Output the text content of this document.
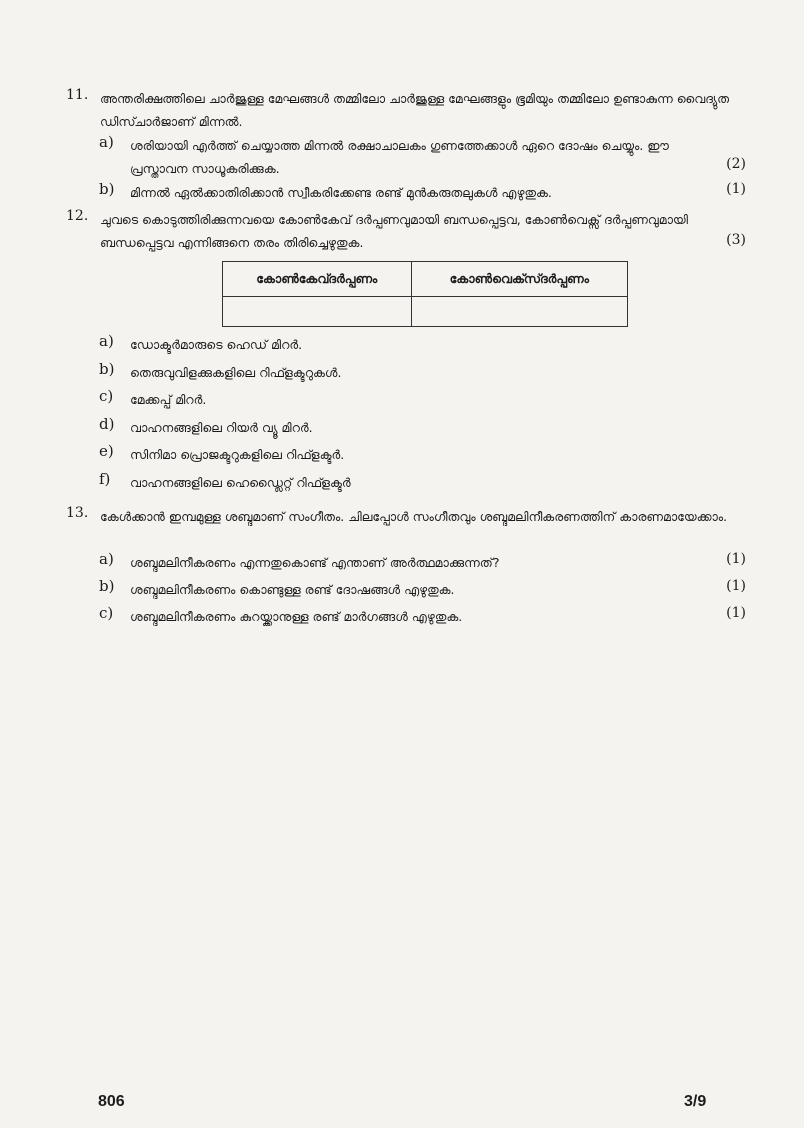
11. അന്തരിക്ഷത്തിലെ ചാർജുള്ള മേഘങ്ങൾ തമ്മിലോ ചാർജുള്ള മേഘങ്ങളും ഭൂമിയും തമ്മിലോ ഉണ്ടാകുന്ന വൈദ്യുത ഡിസ്ചാർജാണ് മിന്നൽ.
a) ശരിയായി എർത്ത് ചെയ്യാത്ത മിന്നൽ രക്ഷാചാലകം ഗുണത്തേക്കാൾ ഏറെ ദോഷം ചെയ്യും. ഈ പ്രസ്താവന സാധൂകരിക്കുക.	(2)
b) മിന്നൽ ഏൽക്കാതിരിക്കാൻ സ്വീകരിക്കേണ്ട രണ്ട് മുൻകരുതലുകൾ എഴുതുക.	(1)
12. ചുവടെ കൊടുത്തിരിക്കുന്നവയെ കോൺകേവ് ദർപ്പണവുമായി ബന്ധപ്പെട്ടവ, കോൺവെക്സ് ദർപ്പണവുമായി ബന്ധപ്പെട്ടവ എന്നിങ്ങനെ തരം തിരിച്ചെഴുതുക.	(3)
കോൺകേവ്ദർപ്പണം	കോൺവെക്സ്ദർപ്പണം

a) ഡോക്ടർമാരുടെ ഹെഡ് മിറർ.
b) തെരുവുവിളക്കുകളിലെ റിഫ്ളക്ടറുകൾ.
c) മേക്കപ്പ് മിറർ.
d) വാഹനങ്ങളിലെ റിയർ വ്യൂ മിറർ.
e) സിനിമാ പ്രൊജക്ടറുകളിലെ റിഫ്ളക്ടർ.
f) വാഹനങ്ങളിലെ ഹെഡ്ലൈറ്റ് റിഫ്ളക്ടർ
13. കേൾക്കാൻ ഇമ്പമുള്ള ശബ്ദമാണ് സംഗീതം. ചിലപ്പോൾ സംഗീതവും ശബ്ദമലിനീകരണത്തിന് കാരണമായേക്കാം.
a) ശബ്ദമലിനീകരണം എന്നതുകൊണ്ട് എന്താണ് അർത്ഥമാക്കുന്നത്?	(1)
b) ശബ്ദമലിനീകരണം കൊണ്ടുള്ള രണ്ട് ദോഷങ്ങൾ എഴുതുക.	(1)
c) ശബ്ദമലിനീകരണം കുറയ്ക്കാനുള്ള രണ്ട് മാർഗങ്ങൾ എഴുതുക.	(1)
806	3/9
